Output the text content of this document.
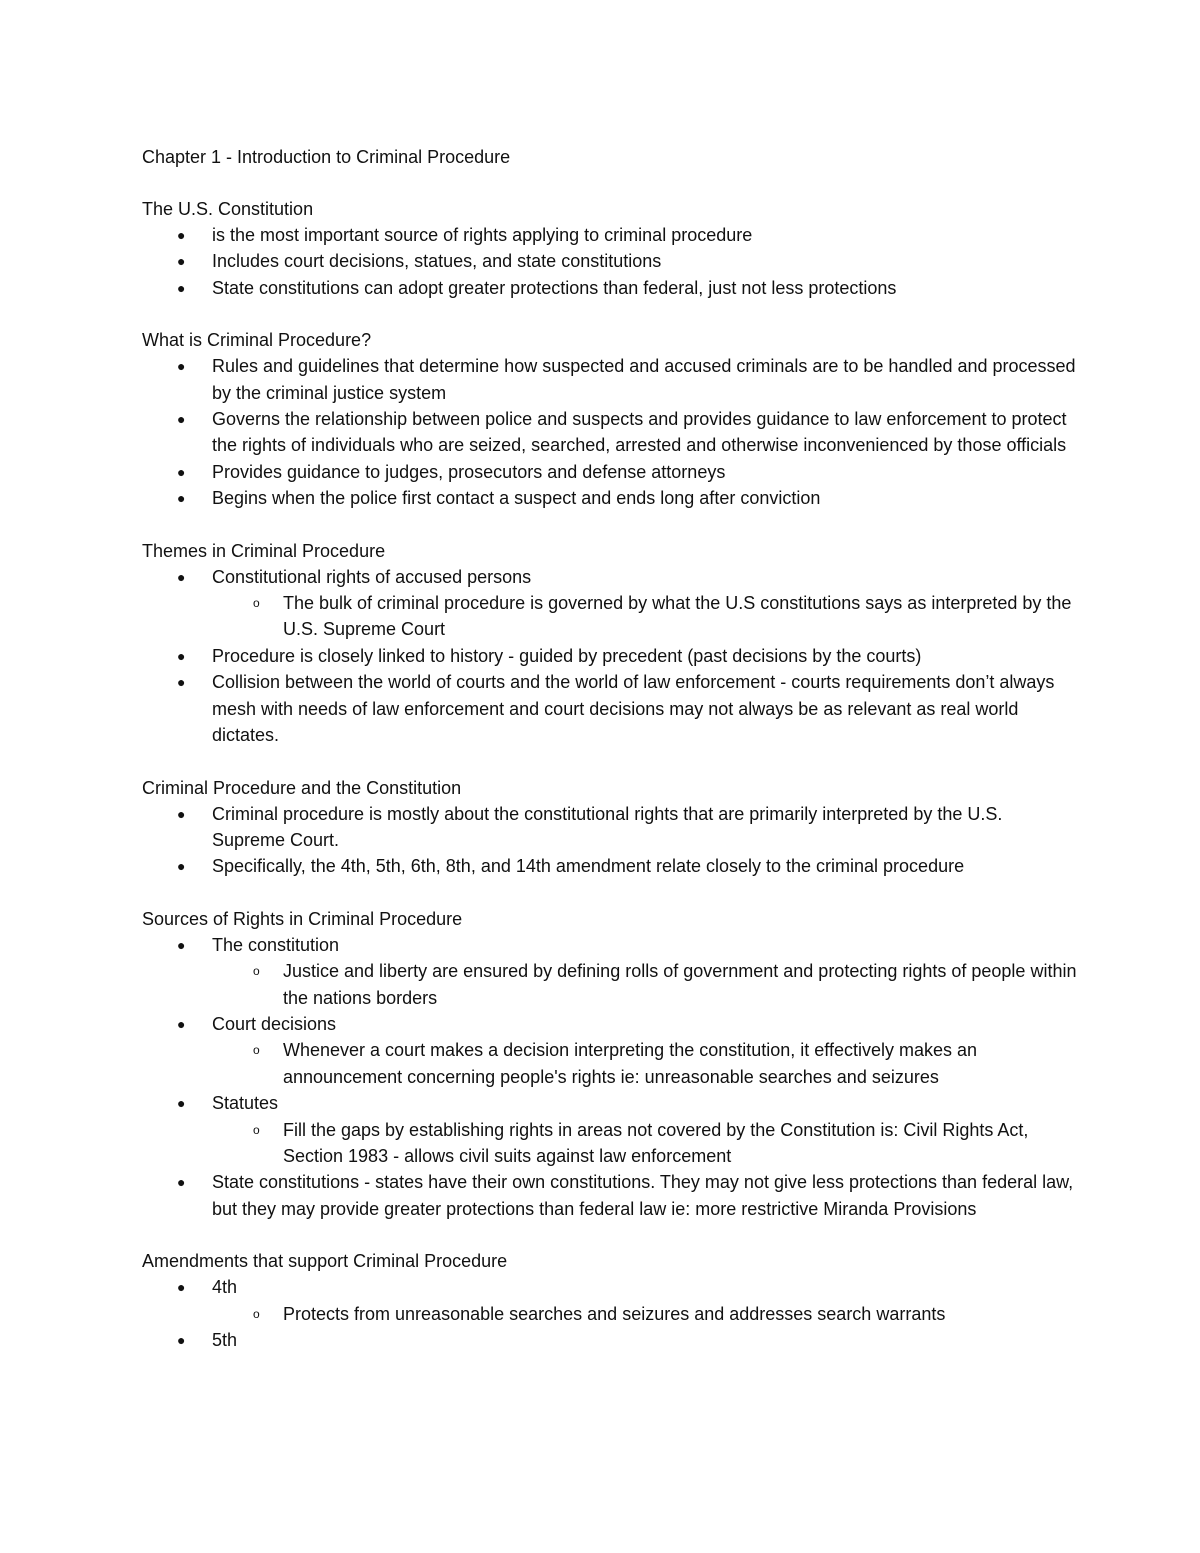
Chapter 1 - Introduction to Criminal Procedure
The U.S. Constitution
● is the most important source of rights applying to criminal procedure
● Includes court decisions, statues, and state constitutions
● State constitutions can adopt greater protections than federal, just not less protections
What is Criminal Procedure?
● Rules and guidelines that determine how suspected and accused criminals are to be handled and processed by the criminal justice system
● Governs the relationship between police and suspects and provides guidance to law enforcement to protect the rights of individuals who are seized, searched, arrested and otherwise inconvenienced by those officials
● Provides guidance to judges, prosecutors and defense attorneys
● Begins when the police first contact a suspect and ends long after conviction
Themes in Criminal Procedure
● Constitutional rights of accused persons
o The bulk of criminal procedure is governed by what the U.S constitutions says as interpreted by the U.S. Supreme Court
● Procedure is closely linked to history - guided by precedent (past decisions by the courts)
● Collision between the world of courts and the world of law enforcement - courts requirements don’t always mesh with needs of law enforcement and court decisions may not always be as relevant as real world dictates.
Criminal Procedure and the Constitution
● Criminal procedure is mostly about the constitutional rights that are primarily interpreted by the U.S. Supreme Court.
● Specifically, the 4th, 5th, 6th, 8th, and 14th amendment relate closely to the criminal procedure
Sources of Rights in Criminal Procedure
● The constitution
o Justice and liberty are ensured by defining rolls of government and protecting rights of people within the nations borders
● Court decisions
o Whenever a court makes a decision interpreting the constitution, it effectively makes an announcement concerning people's rights ie: unreasonable searches and seizures
● Statutes
o Fill the gaps by establishing rights in areas not covered by the Constitution is: Civil Rights Act, Section 1983 - allows civil suits against law enforcement
● State constitutions - states have their own constitutions. They may not give less protections than federal law, but they may provide greater protections than federal law ie: more restrictive Miranda Provisions
Amendments that support Criminal Procedure
● 4th
o Protects from unreasonable searches and seizures and addresses search warrants
● 5th
